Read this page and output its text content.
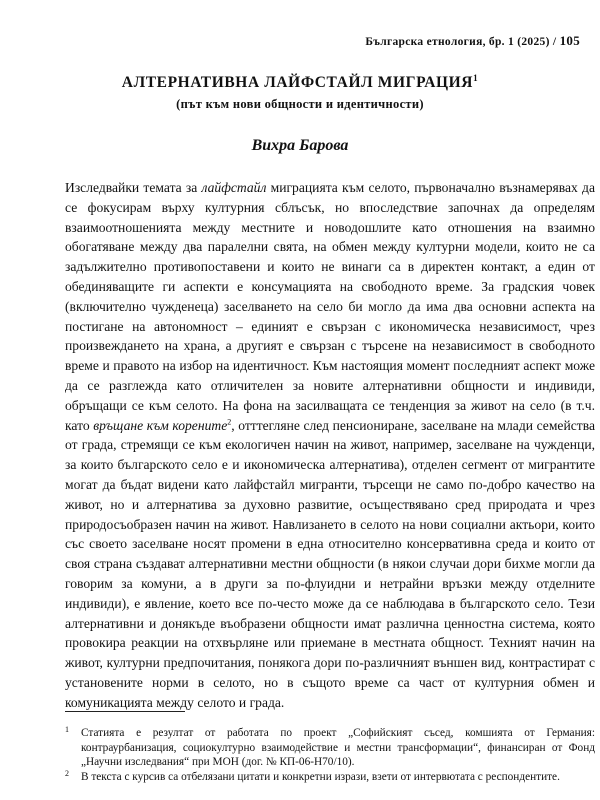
Българска етнология, бр. 1 (2025) / 105
АЛТЕРНАТИВНА ЛАЙФСТАЙЛ МИГРАЦИЯ$^1$
(път към нови общности и идентичности)
Вихра Барова

Изследвайки темата за лайфстайл миграцията към селото, първоначално възнамерявах да се фокусирам върху културния сблъсък, но впоследствие започнах да определям взаимоотношенията между местните и новодошлите като отношения на взаимно обогатяване между два паралелни свята, на обмен между културни модели, които не са задължително противопоставени и които не винаги са в директен контакт, а един от обединяващите ги аспекти е консумацията на свободното време. За градския човек (включително чужденеца) заселването на село би могло да има два основни аспекта на постигане на автономност – единият е свързан с икономическа независимост, чрез произвеждането на храна, а другият е свързан с търсене на независимост в свободното време и правото на избор на идентичност. Към настоящия момент последният аспект може да се разглежда като отличителен за новите алтернативни общности и индивиди, обръщащи се към селото. На фона на засилващата се тенденция за живот на село (в т.ч. като връщане към корените$^2$, отттегляне след пенсиониране, заселване на млади семейства от града, стремящи се към екологичен начин на живот, например, заселване на чужденци, за които българското село е и икономическа алтернатива), отделен сегмент от мигрантите могат да бъдат видени като лайфстайл мигранти, търсещи не само по-добро качество на живот, но и алтернатива за духовно развитие, осъществявано сред природата и чрез природосъобразен начин на живот. Навлизането в селото на нови социални актьори, които със своето заселване носят промени в една относително консервативна среда и които от своя страна създават алтернативни местни общности (в някои случаи дори бихме могли да говорим за комуни, а в други за по-флуидни и нетрайни връзки между отделните индивиди), е явление, което все по-често може да се наблюдава в българското село. Тези алтернативни и донякъде въобразени общности имат различна ценностна система, която провокира реакции на отхвърляне или приемане в местната общност. Техният начин на живот, културни предпочитания, понякога дори по-различният външен вид, контрастират с установените норми в селото, но в същото време са част от културния обмен и комуникацията между селото и града.

1 Статията е резултат от работата по проект „Софийският съсед, комшията от Германия: контраурбанизация, социокултурно взаимодействие и местни трансформации“, финансиран от Фонд „Научни изследвания“ при МОН (дог. № КП-06-Н70/10).

2 В текста с курсив са отбелязани цитати и конкретни изрази, взети от интервютата с респондентите.
